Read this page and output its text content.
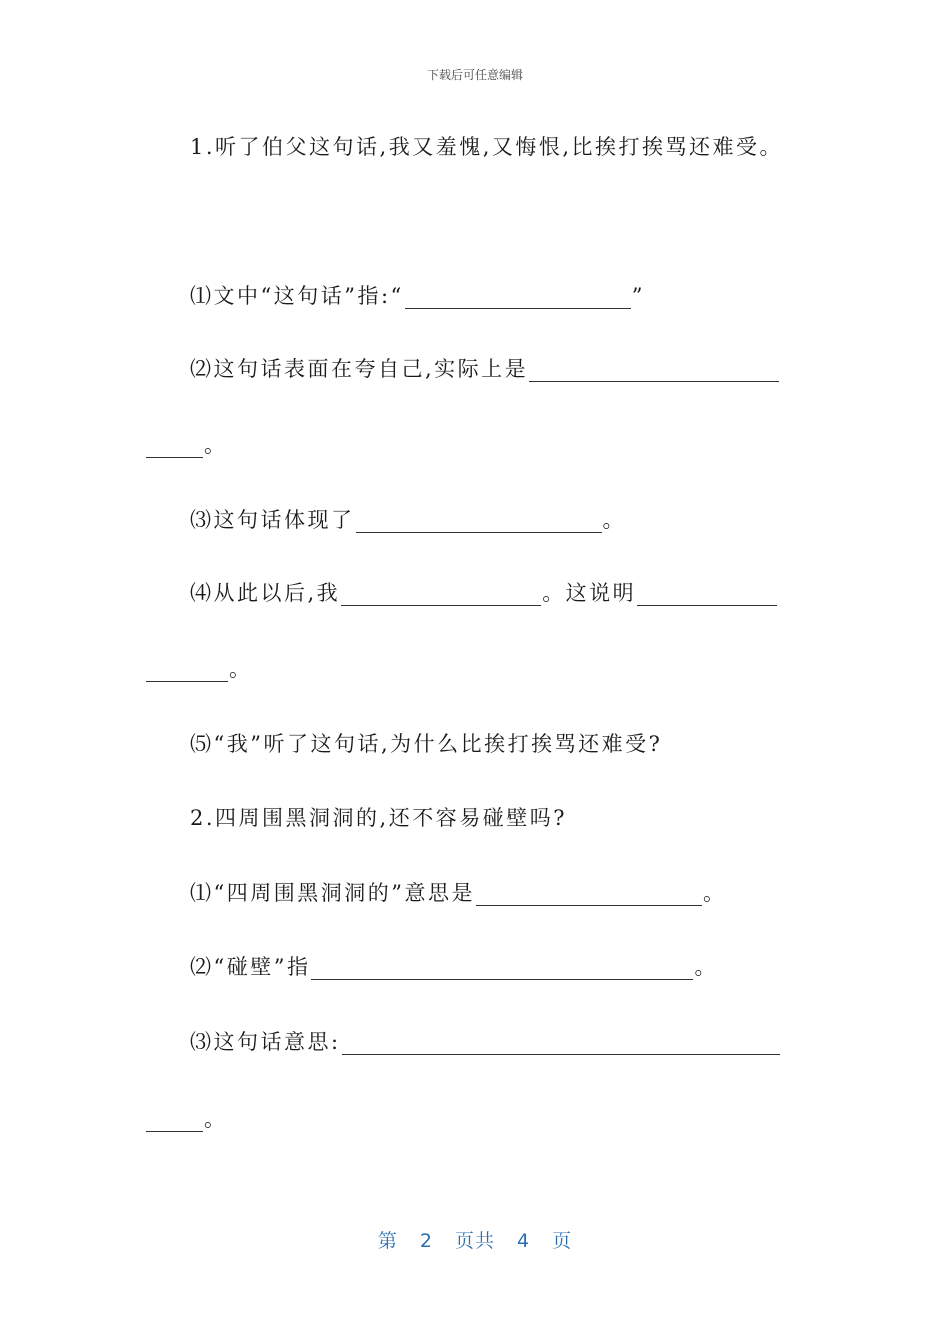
下载后可任意编辑
1.听了伯父这句话,我又羞愧,又悔恨,比挨打挨骂还难受。
⑴文中“这句话”指:“	”
⑵这句话表面在夸自己,实际上是
。
⑶这句话体现了	。
⑷从此以后,我	。这说明
。
⑸“我”听了这句话,为什么比挨打挨骂还难受?
2.四周围黑洞洞的,还不容易碰壁吗?
⑴“四周围黑洞洞的”意思是	。
⑵“碰壁”指	。
⑶这句话意思:
。
第 2 页共 4 页
